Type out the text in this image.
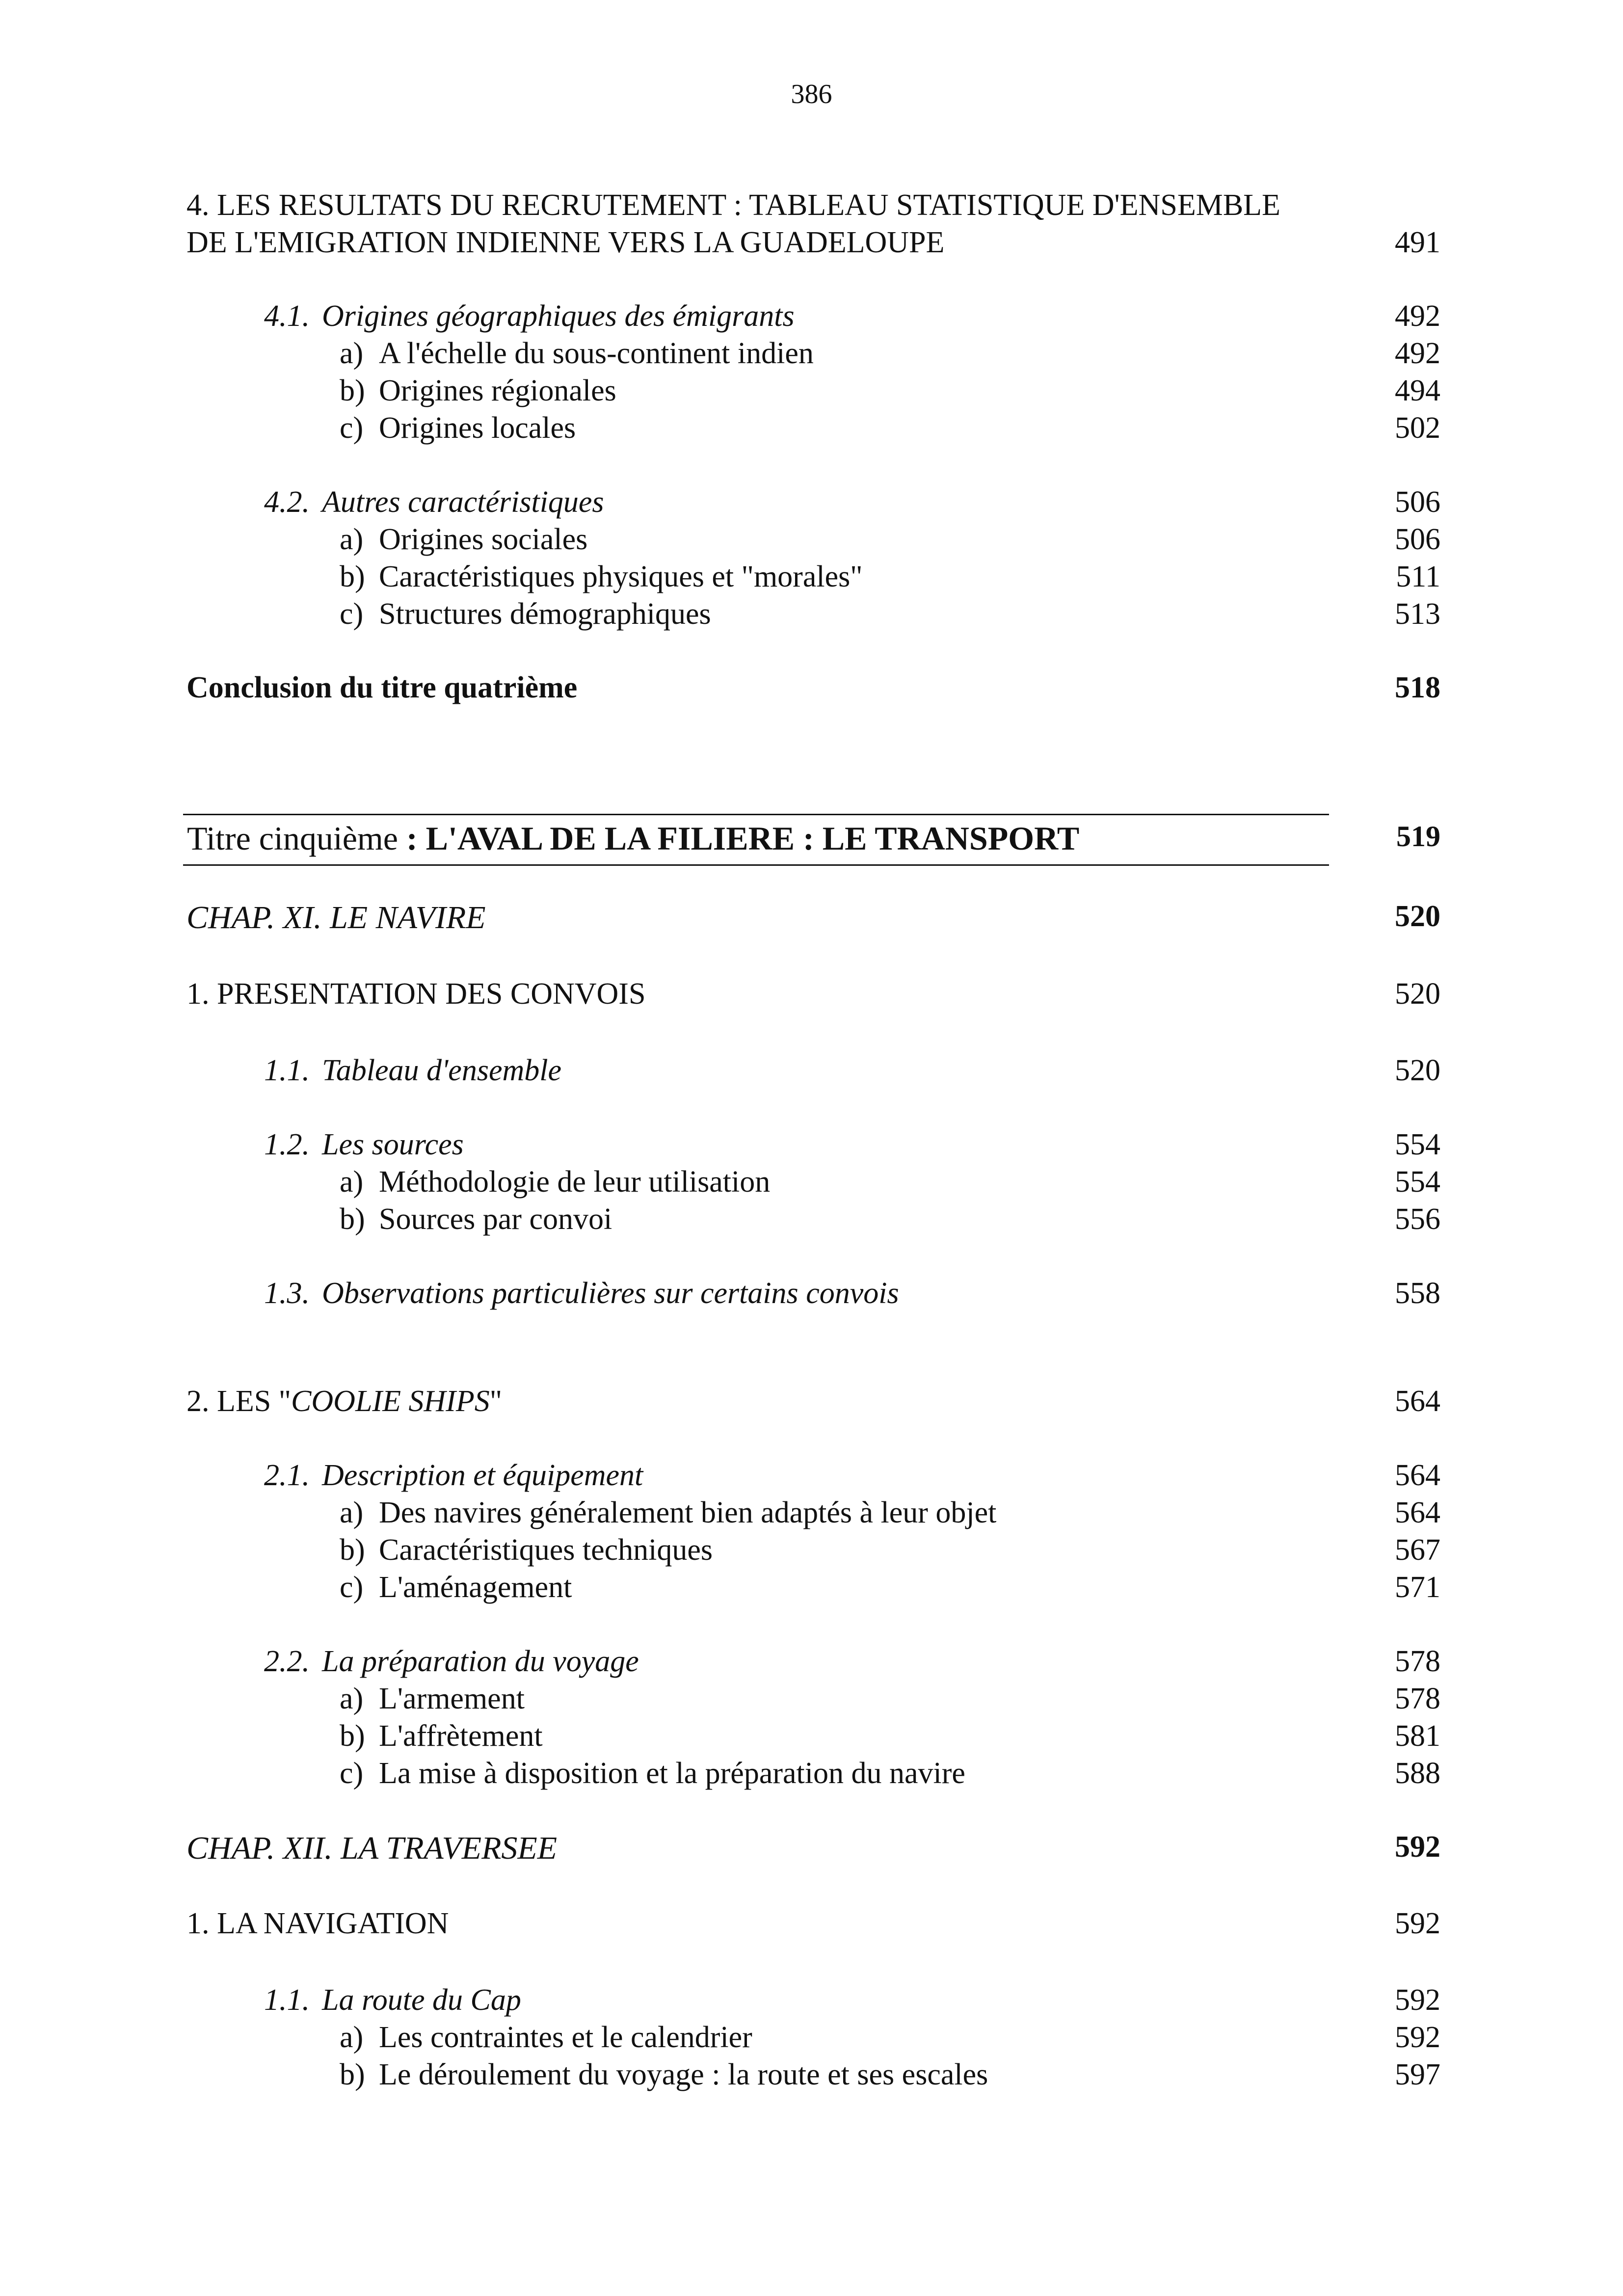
386
4. LES RESULTATS DU RECRUTEMENT : TABLEAU STATISTIQUE D'ENSEMBLE
DE L'EMIGRATION INDIENNE VERS LA GUADELOUPE	491
4.1. Origines géographiques des émigrants	492
a) A l'échelle du sous-continent indien	492
b) Origines régionales	494
c) Origines locales	502
4.2. Autres caractéristiques	506
a) Origines sociales	506
b) Caractéristiques physiques et "morales"	511
c) Structures démographiques	513
Conclusion du titre quatrième	518
Titre cinquième : L'AVAL DE LA FILIERE : LE TRANSPORT	519
CHAP. XI. LE NAVIRE	520
1. PRESENTATION DES CONVOIS	520
1.1. Tableau d'ensemble	520
1.2. Les sources	554
a) Méthodologie de leur utilisation	554
b) Sources par convoi	556
1.3. Observations particulières sur certains convois	558
2. LES "COOLIE SHIPS"	564
2.1. Description et équipement	564
a) Des navires généralement bien adaptés à leur objet	564
b) Caractéristiques techniques	567
c) L'aménagement	571
2.2. La préparation du voyage	578
a) L'armement	578
b) L'affrètement	581
c) La mise à disposition et la préparation du navire	588
CHAP. XII. LA TRAVERSEE	592
1. LA NAVIGATION	592
1.1. La route du Cap	592
a) Les contraintes et le calendrier	592
b) Le déroulement du voyage : la route et ses escales	597
